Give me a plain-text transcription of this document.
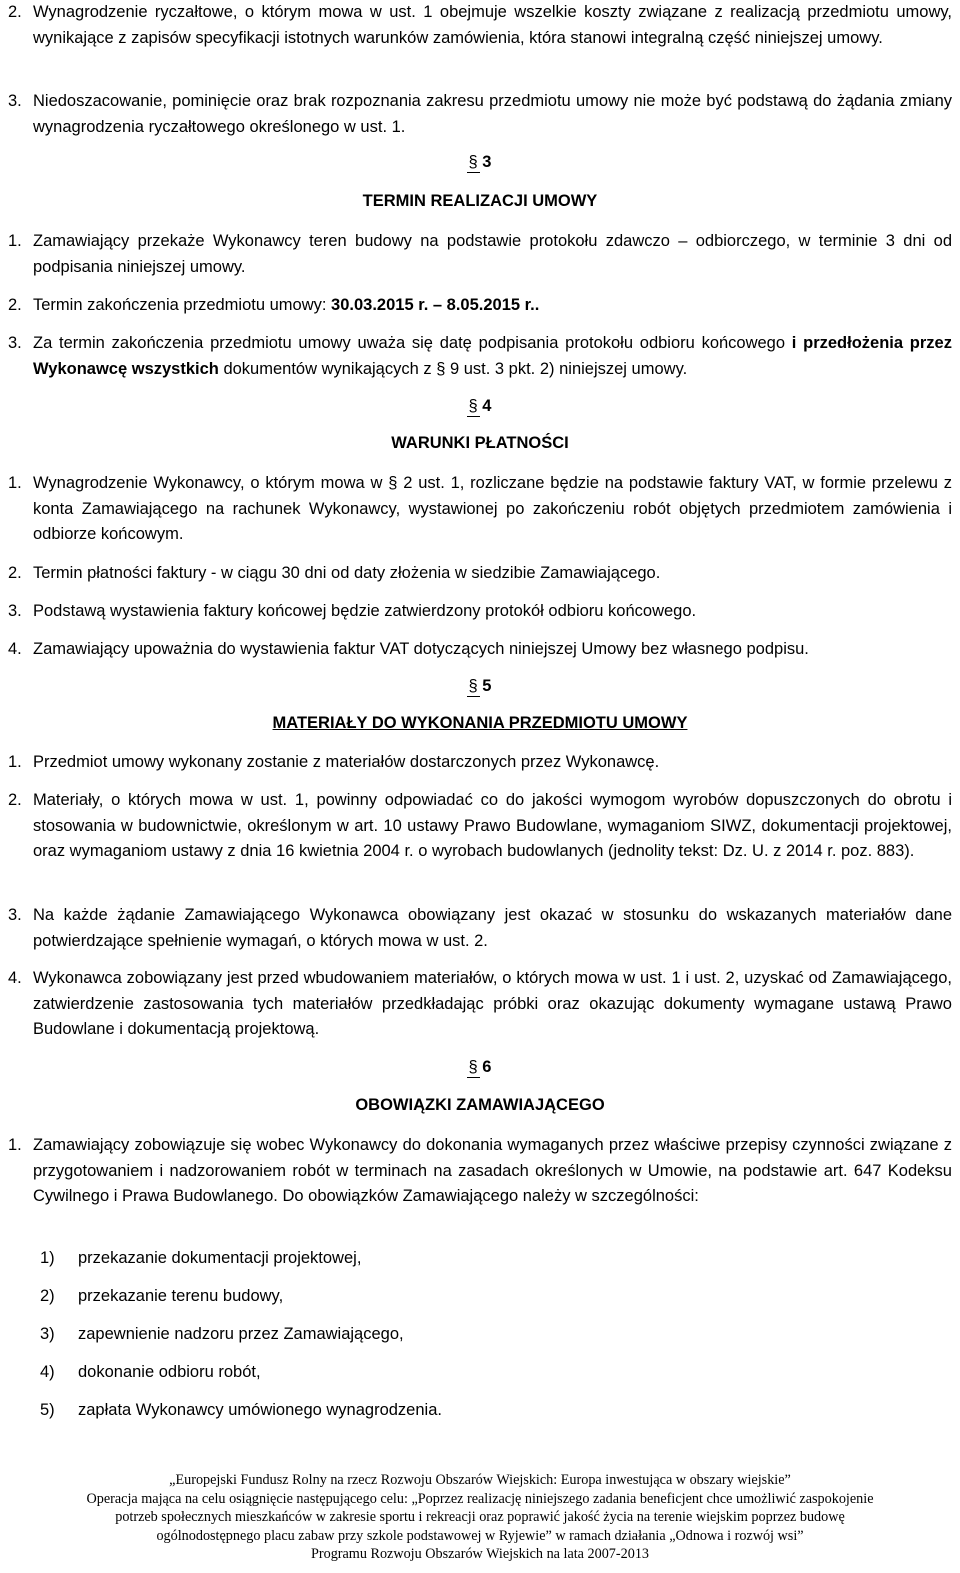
2. Wynagrodzenie ryczałtowe, o którym mowa w ust. 1 obejmuje wszelkie koszty związane z realizacją przedmiotu umowy, wynikające z zapisów specyfikacji istotnych warunków zamówienia, która stanowi integralną część niniejszej umowy.
3. Niedoszacowanie, pominięcie oraz brak rozpoznania zakresu przedmiotu umowy nie może być podstawą do żądania zmiany wynagrodzenia ryczałtowego określonego w ust. 1.
§ 3
TERMIN REALIZACJI UMOWY
1. Zamawiający przekaże Wykonawcy teren budowy na podstawie protokołu zdawczo – odbiorczego, w terminie 3 dni od podpisania niniejszej umowy.
2. Termin zakończenia przedmiotu umowy: 30.03.2015 r. – 8.05.2015 r..
3. Za termin zakończenia przedmiotu umowy uważa się datę podpisania protokołu odbioru końcowego i przedłożenia przez Wykonawcę wszystkich dokumentów wynikających z § 9 ust. 3 pkt. 2) niniejszej umowy.
§ 4
WARUNKI PŁATNOŚCI
1. Wynagrodzenie Wykonawcy, o którym mowa w § 2 ust. 1, rozliczane będzie na podstawie faktury VAT, w formie przelewu z konta Zamawiającego na rachunek Wykonawcy, wystawionej po zakończeniu robót objętych przedmiotem zamówienia i odbiorze końcowym.
2. Termin płatności faktury - w ciągu 30 dni od daty złożenia w siedzibie Zamawiającego.
3. Podstawą wystawienia faktury końcowej będzie zatwierdzony protokół odbioru końcowego.
4. Zamawiający upoważnia do wystawienia faktur VAT dotyczących niniejszej Umowy bez własnego podpisu.
§ 5
MATERIAŁY DO WYKONANIA PRZEDMIOTU UMOWY
1. Przedmiot umowy wykonany zostanie z materiałów dostarczonych przez Wykonawcę.
2. Materiały, o których mowa w ust. 1, powinny odpowiadać co do jakości wymogom wyrobów dopuszczonych do obrotu i stosowania w budownictwie, określonym w art. 10 ustawy Prawo Budowlane, wymaganiom SIWZ, dokumentacji projektowej, oraz wymaganiom ustawy z dnia 16 kwietnia 2004 r. o wyrobach budowlanych (jednolity tekst: Dz. U. z 2014 r. poz. 883).
3. Na każde żądanie Zamawiającego Wykonawca obowiązany jest okazać w stosunku do wskazanych materiałów dane potwierdzające spełnienie wymagań, o których mowa w ust. 2.
4. Wykonawca zobowiązany jest przed wbudowaniem materiałów, o których mowa w ust. 1 i ust. 2, uzyskać od Zamawiającego, zatwierdzenie zastosowania tych materiałów przedkładając próbki oraz okazując dokumenty wymagane ustawą Prawo Budowlane i dokumentacją projektową.
§ 6
OBOWIĄZKI ZAMAWIAJĄCEGO
1. Zamawiający zobowiązuje się wobec Wykonawcy do dokonania wymaganych przez właściwe przepisy czynności związane z przygotowaniem i nadzorowaniem robót w terminach na zasadach określonych w Umowie, na podstawie art. 647 Kodeksu Cywilnego i Prawa Budowlanego. Do obowiązków Zamawiającego należy w szczególności:
1) przekazanie dokumentacji projektowej,
2) przekazanie terenu budowy,
3) zapewnienie nadzoru przez Zamawiającego,
4) dokonanie odbioru robót,
5) zapłata Wykonawcy umówionego wynagrodzenia.
„Europejski Fundusz Rolny na rzecz Rozwoju Obszarów Wiejskich: Europa inwestująca w obszary wiejskie”
Operacja mająca na celu osiągnięcie następującego celu: „Poprzez realizację niniejszego zadania beneficjent chce umożliwić zaspokojenie
potrzeb społecznych mieszkańców w zakresie sportu i rekreacji oraz poprawić jakość życia na terenie wiejskim poprzez budowę
ogólnodostępnego placu zabaw przy szkole podstawowej w Ryjewie” w ramach działania „Odnowa i rozwój wsi”
Programu Rozwoju Obszarów Wiejskich na lata 2007-2013
